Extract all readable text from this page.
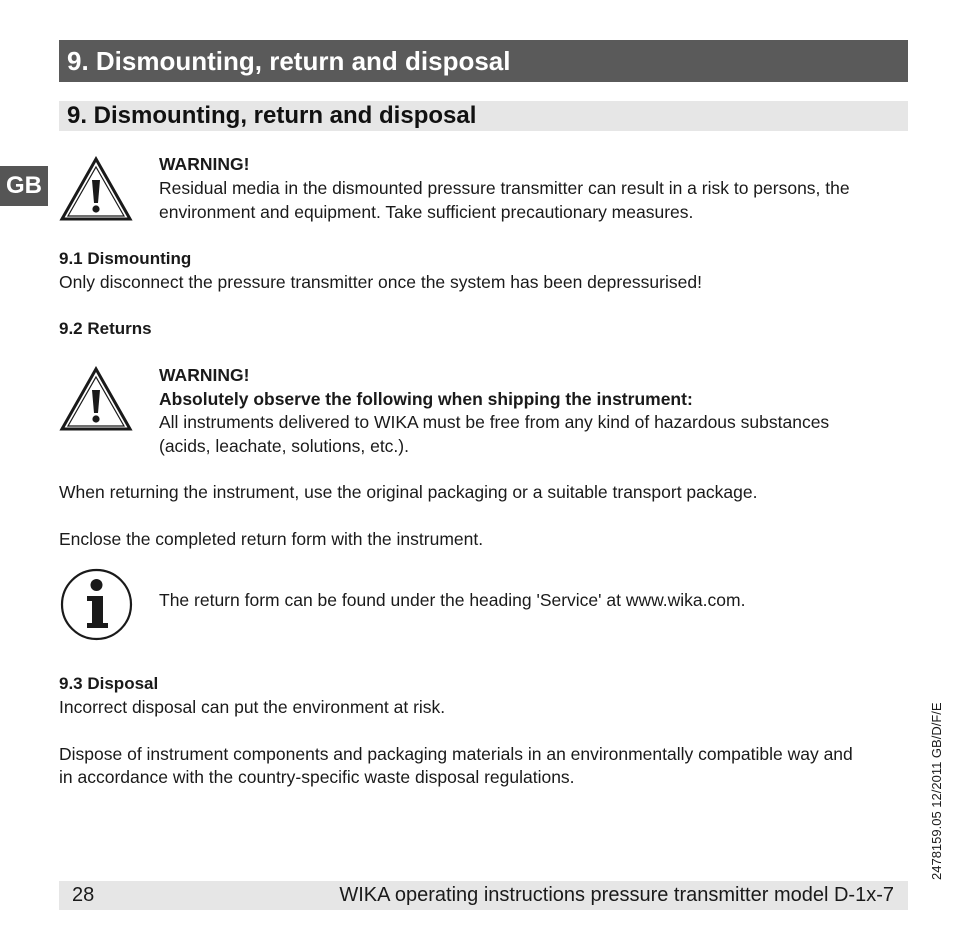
9. Dismounting, return and disposal
9. Dismounting, return and disposal
GB
WARNING!
Residual media in the dismounted pressure transmitter can result in a risk to persons, the
environment and equipment. Take sufficient precautionary measures.
9.1 Dismounting
Only disconnect the pressure transmitter once the system has been depressurised!
9.2 Returns
WARNING!
Absolutely observe the following when shipping the instrument:
All instruments delivered to WIKA must be free from any kind of hazardous substances
(acids, leachate, solutions, etc.).
When returning the instrument, use the original packaging or a suitable transport package.
Enclose the completed return form with the instrument.
The return form can be found under the heading 'Service' at www.wika.com.
9.3 Disposal
Incorrect disposal can put the environment at risk.
Dispose of instrument components and packaging materials in an environmentally compatible way and
in accordance with the country-specific waste disposal regulations.	2478159.05 12/2011 GB/D/F/E
28	WIKA operating instructions pressure transmitter model D-1x-7
